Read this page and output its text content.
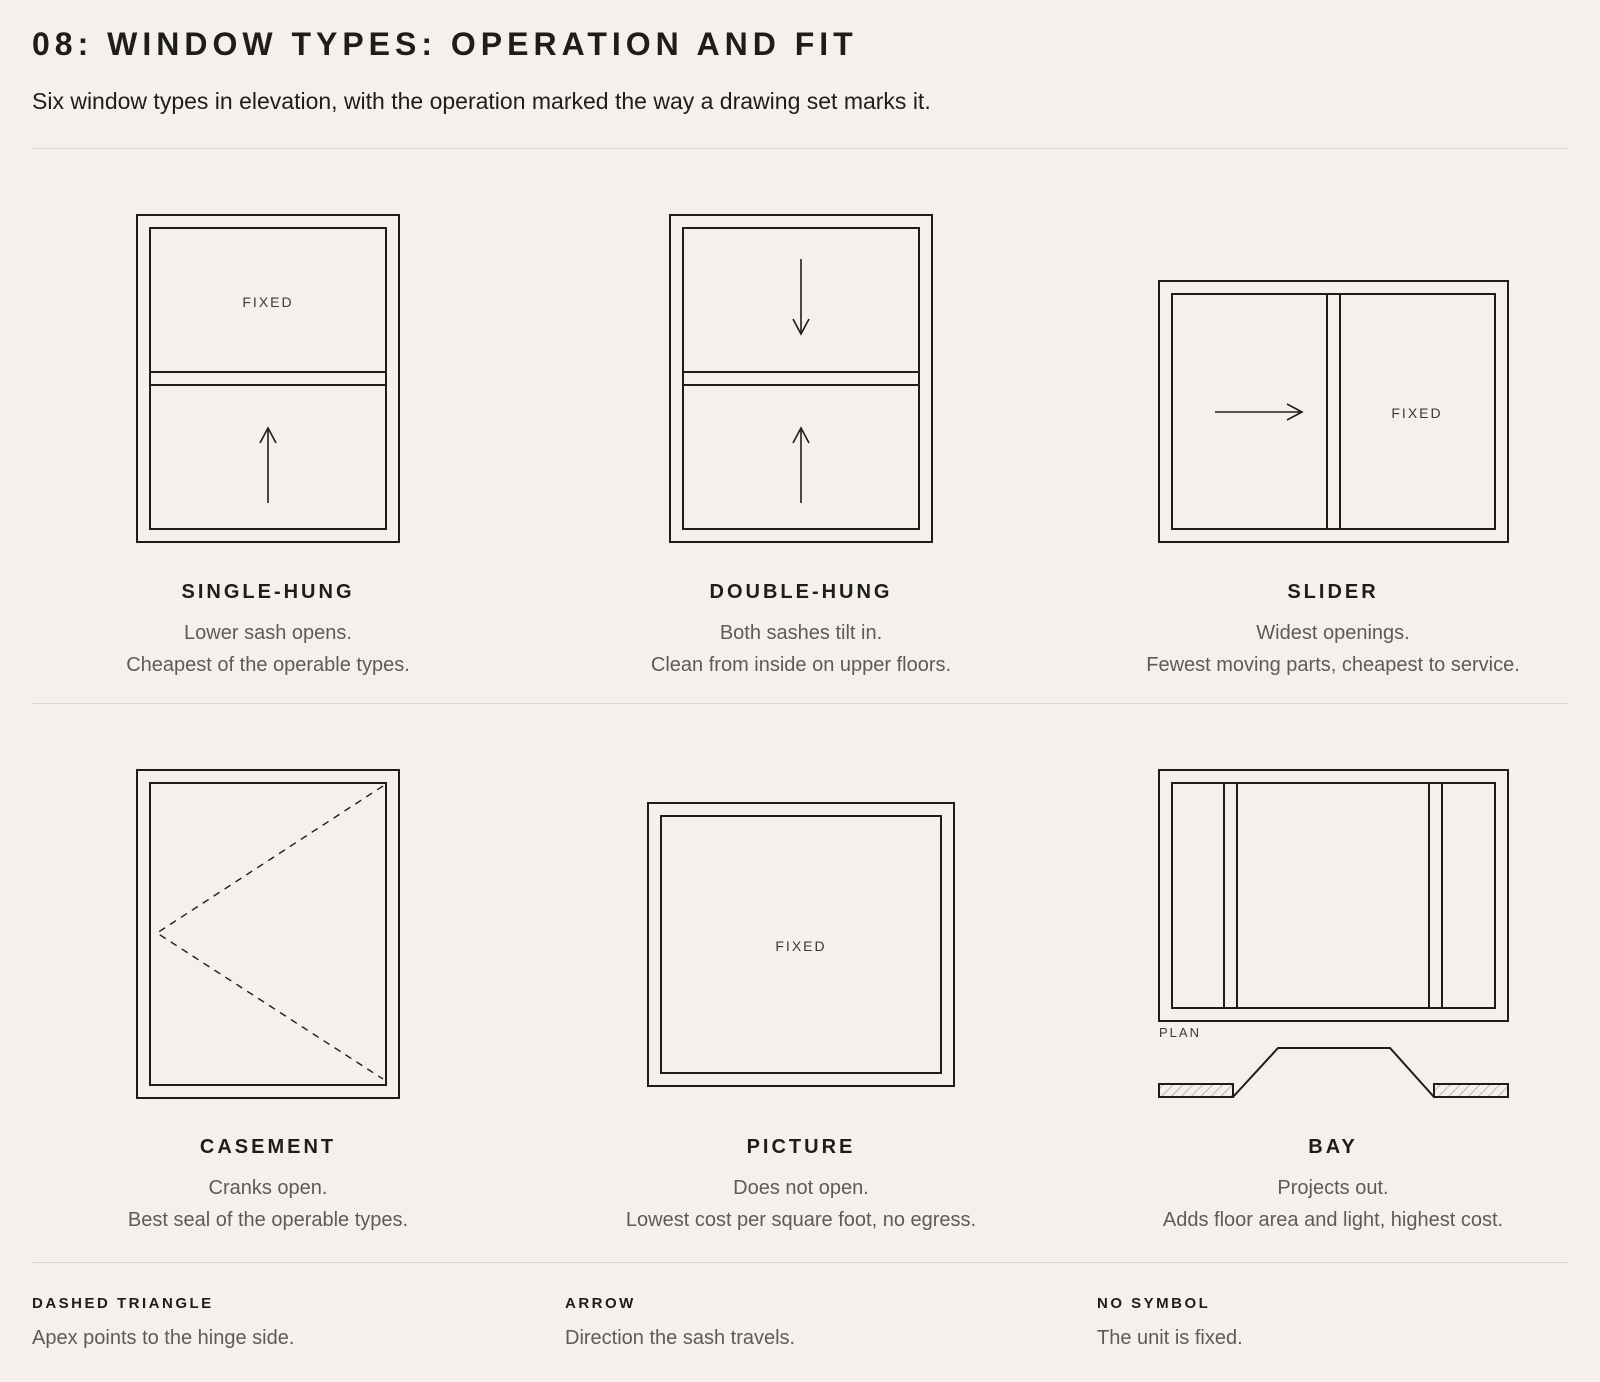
08: WINDOW TYPES: OPERATION AND FIT

Six window types in elevation, with the operation marked the way a drawing set marks it.

FIXED
FIXED
FIXED
PLAN

SINGLE-HUNG

Lower sash opens.

Cheapest of the operable types.

DOUBLE-HUNG

Both sashes tilt in.

Clean from inside on upper floors.

SLIDER

Widest openings.

Fewest moving parts, cheapest to service.

CASEMENT

Cranks open.

Best seal of the operable types.

PICTURE

Does not open.

Lowest cost per square foot, no egress.

BAY

Projects out.

Adds floor area and light, highest cost.

DASHED TRIANGLE

Apex points to the hinge side.

ARROW

Direction the sash travels.

NO SYMBOL

The unit is fixed.
